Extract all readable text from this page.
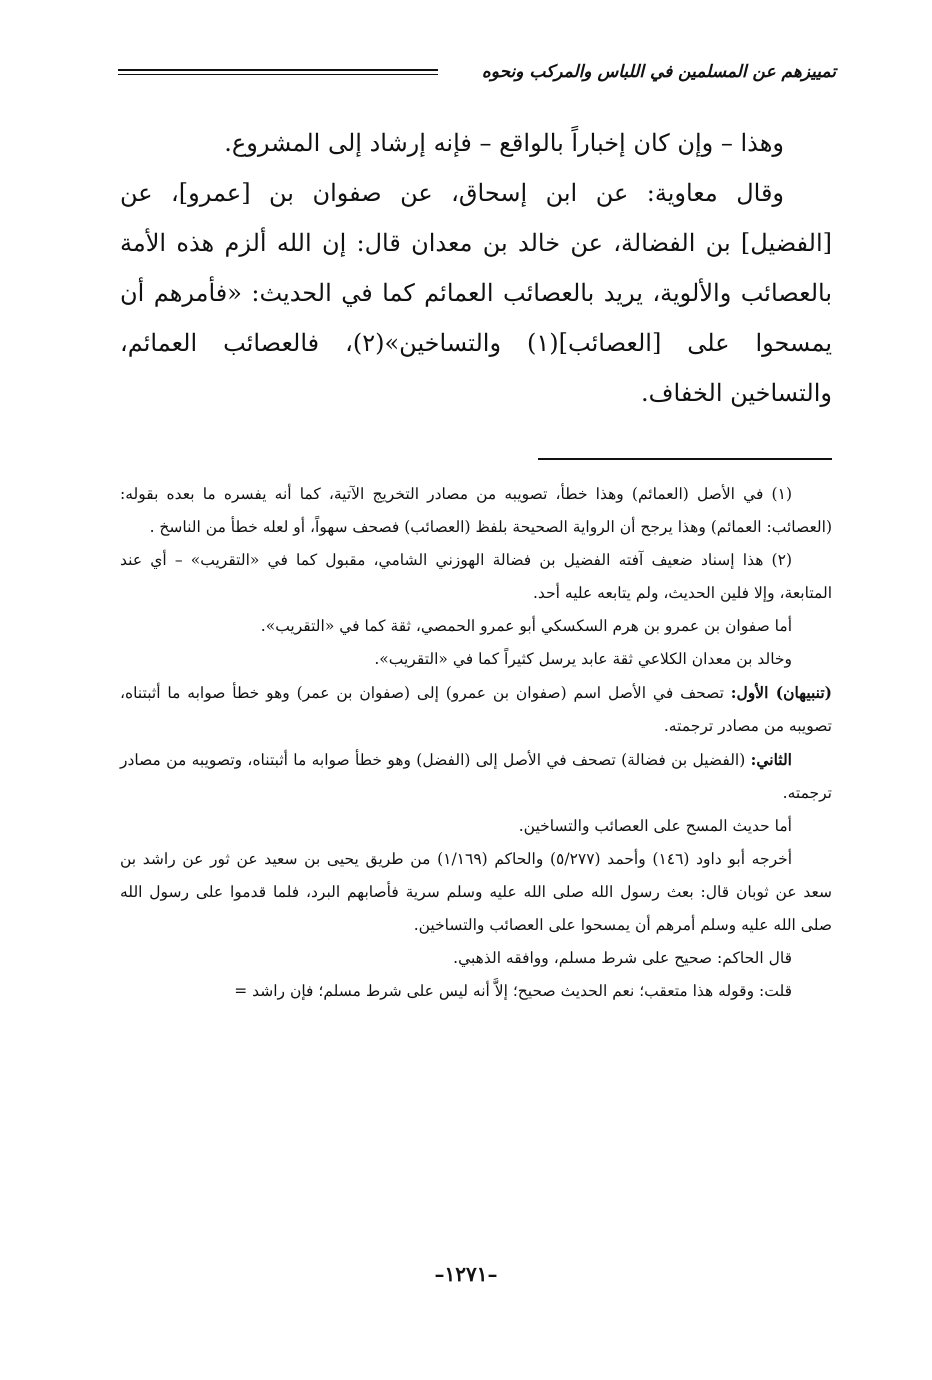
تمييزهم عن المسلمين في اللباس والمركب ونحوه

وهذا – وإن كان إخباراً بالواقع – فإنه إرشاد إلى المشروع.

وقال معاوية: عن ابن إسحاق، عن صفوان بن [عمرو]، عن [الفضيل] بن الفضالة، عن خالد بن معدان قال: إن الله ألزم هذه الأمة بالعصائب والألوية، يريد بالعصائب العمائم كما في الحديث: «فأمرهم أن يمسحوا على [العصائب](١) والتساخين»(٢)، فالعصائب العمائم، والتساخين الخفاف.

(١) في الأصل (العمائم) وهذا خطأ، تصويبه من مصادر التخريج الآتية، كما أنه يفسره ما بعده بقوله: (العصائب: العمائم) وهذا يرجح أن الرواية الصحيحة بلفظ (العصائب) فصحف سهواً، أو لعله خطأ من الناسخ .

(٢) هذا إسناد ضعيف آفته الفضيل بن فضالة الهوزني الشامي، مقبول كما في «التقريب» – أي عند المتابعة، وإلا فلين الحديث، ولم يتابعه عليه أحد.

أما صفوان بن عمرو بن هرم السكسكي أبو عمرو الحمصي، ثقة كما في «التقريب».

وخالد بن معدان الكلاعي ثقة عابد يرسل كثيراً كما في «التقريب».

(تنبيهان) الأول: تصحف في الأصل اسم (صفوان بن عمرو) إلى (صفوان بن عمر) وهو خطأ صوابه ما أثبتناه، تصويبه من مصادر ترجمته.

الثاني: (الفضيل بن فضالة) تصحف في الأصل إلى (الفضل) وهو خطأ صوابه ما أثبتناه، وتصويبه من مصادر ترجمته.

أما حديث المسح على العصائب والتساخين.

أخرجه أبو داود (١٤٦) وأحمد (٥/٢٧٧) والحاكم (١/١٦٩) من طريق يحيى بن سعيد عن ثور عن راشد بن سعد عن ثوبان قال: بعث رسول الله صلى الله عليه وسلم سرية فأصابهم البرد، فلما قدموا على رسول الله صلى الله عليه وسلم أمرهم أن يمسحوا على العصائب والتساخين.

قال الحاكم: صحيح على شرط مسلم، ووافقه الذهبي.

قلت: وقوله هذا متعقب؛ نعم الحديث صحيح؛ إلاَّ أنه ليس على شرط مسلم؛ فإن راشد =

–١٢٧١–
